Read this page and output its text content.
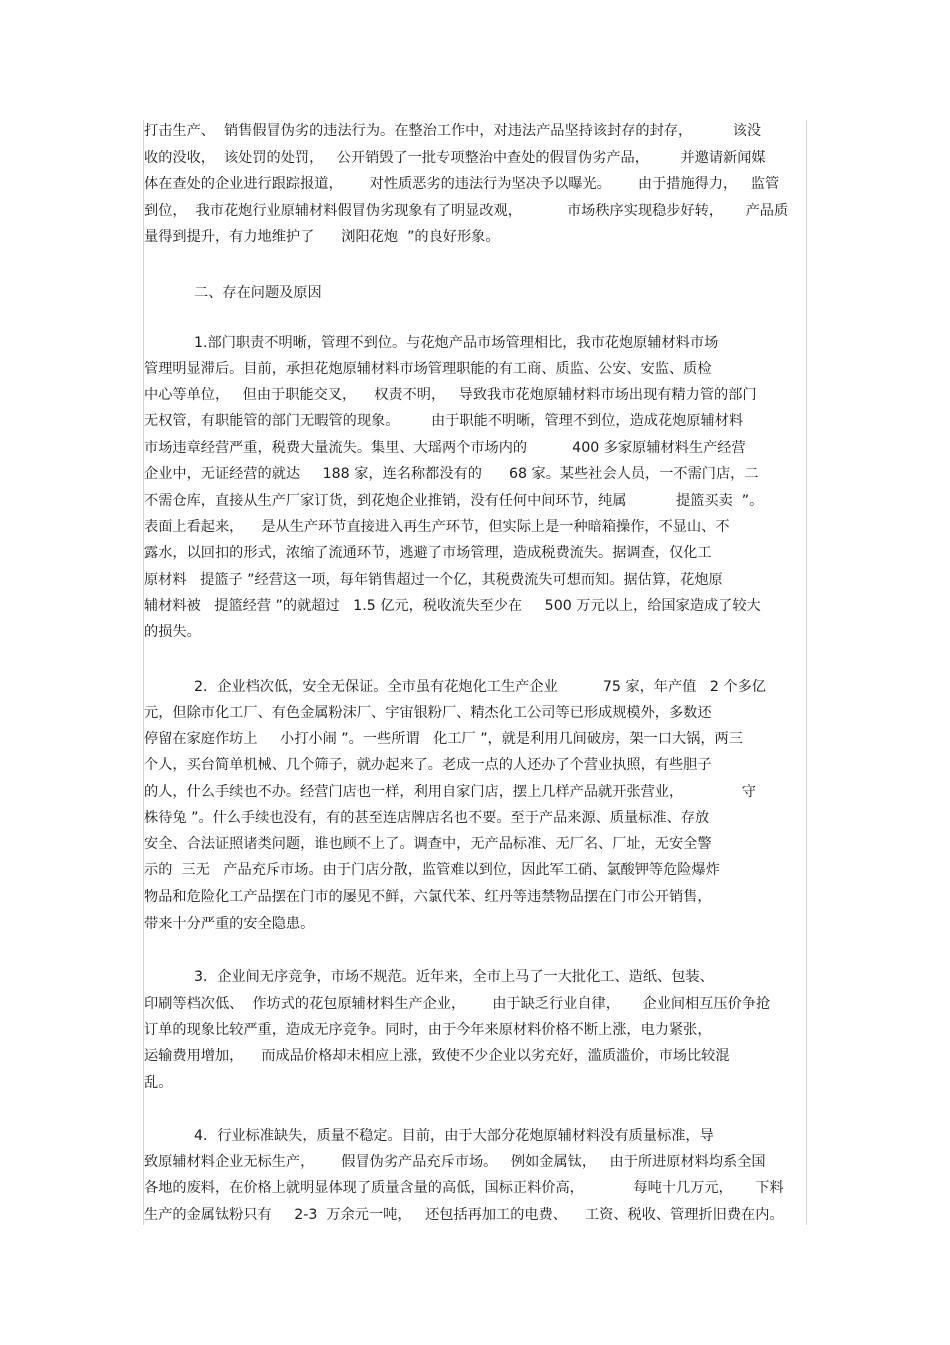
打击生产、  销售假冒伪劣的违法行为。在整治工作中，对违法产品坚持该封存的封存，         该没
收的没收，  该处罚的处罚，   公开销毁了一批专项整治中查处的假冒伪劣产品，       并邀请新闻媒
体在查处的企业进行跟踪报道，      对性质恶劣的违法行为坚决予以曝光。      由于措施得力，   监管
到位，  我市花炮行业原辅材料假冒伪劣现象有了明显改观，          市场秩序实现稳步好转，     产品质
量得到提升，有力地维护了      浏阳花炮  ”的良好形象。
二、存在问题及原因
1.部门职责不明晰，管理不到位。与花炮产品市场管理相比，我市花炮原辅材料市场
管理明显滞后。目前，承担花炮原辅材料市场管理职能的有工商、质监、公安、安监、质检
中心等单位，   但由于职能交叉，    权责不明，   导致我市花炮原辅材料市场出现有精力管的部门
无权管，有职能管的部门无暇管的现象。       由于职能不明晰，管理不到位，造成花炮原辅材料
市场违章经营严重，税费大量流失。集里、大瑶两个市场内的          400 多家原辅材料生产经营
企业中，无证经营的就达     188 家，连名称都没有的      68 家。某些社会人员，一不需门店，二
不需仓库，直接从生产厂家订货，到花炮企业推销，没有任何中间环节，纯属           提篮买卖  ”。
表面上看起来，    是从生产环节直接进入再生产环节，但实际上是一种暗箱操作，不显山、不
露水，以回扣的形式，浓缩了流通环节，逃避了市场管理，造成税费流失。据调查，仅化工
原材料   提篮子 ”经营这一项，每年销售超过一个亿，其税费流失可想而知。据估算，花炮原
辅材料被   提篮经营 ”的就超过   1.5 亿元，税收流失至少在     500 万元以上，给国家造成了较大
的损失。
2．企业档次低，安全无保证。全市虽有花炮化工生产企业          75 家，年产值   2 个多亿
元，但除市化工厂、有色金属粉沫厂、宇宙银粉厂、精杰化工公司等已形成规模外，多数还
停留在家庭作坊上     小打小闹 ”。一些所谓   化工厂 ”，就是利用几间破房，架一口大锅，两三
个人，买台简单机械、几个筛子，就办起来了。老成一点的人还办了个营业执照，有些胆子
的人，什么手续也不办。经营门店也一样，利用自家门店，摆上几样产品就开张营业，             守
株待兔 ”。什么手续也没有，有的甚至连店牌店名也不要。至于产品来源、质量标准、存放
安全、合法证照诸类问题，谁也顾不上了。调查中，无产品标准、无厂名、厂址，无安全警
示的  三无   产品充斥市场。由于门店分散，监管难以到位，因此军工硝、氯酸钾等危险爆炸
物品和危险化工产品摆在门市的屡见不鲜，六氯代苯、红丹等违禁物品摆在门市公开销售，
带来十分严重的安全隐患。
3．企业间无序竞争，市场不规范。近年来，全市上马了一大批化工、造纸、包装、
印刷等档次低、  作坊式的花包原辅材料生产企业，      由于缺乏行业自律，     企业间相互压价争抢
订单的现象比较严重，造成无序竞争。同时，由于今年来原材料价格不断上涨，电力紧张，
运输费用增加，    而成品价格却未相应上涨，致使不少企业以劣充好，滥质滥价，市场比较混
乱。
4．行业标准缺失，质量不稳定。目前，由于大部分花炮原辅材料没有质量标准，导
致原辅材料企业无标生产，      假冒伪劣产品充斥市场。   例如金属钛，   由于所进原材料均系全国
各地的废料，在价格上就明显体现了质量含量的高低，国标正料价高，           每吨十几万元，     下料
生产的金属钛粉只有     2-3  万余元一吨，   还包括再加工的电费、    工资、税收、管理折旧费在内。
